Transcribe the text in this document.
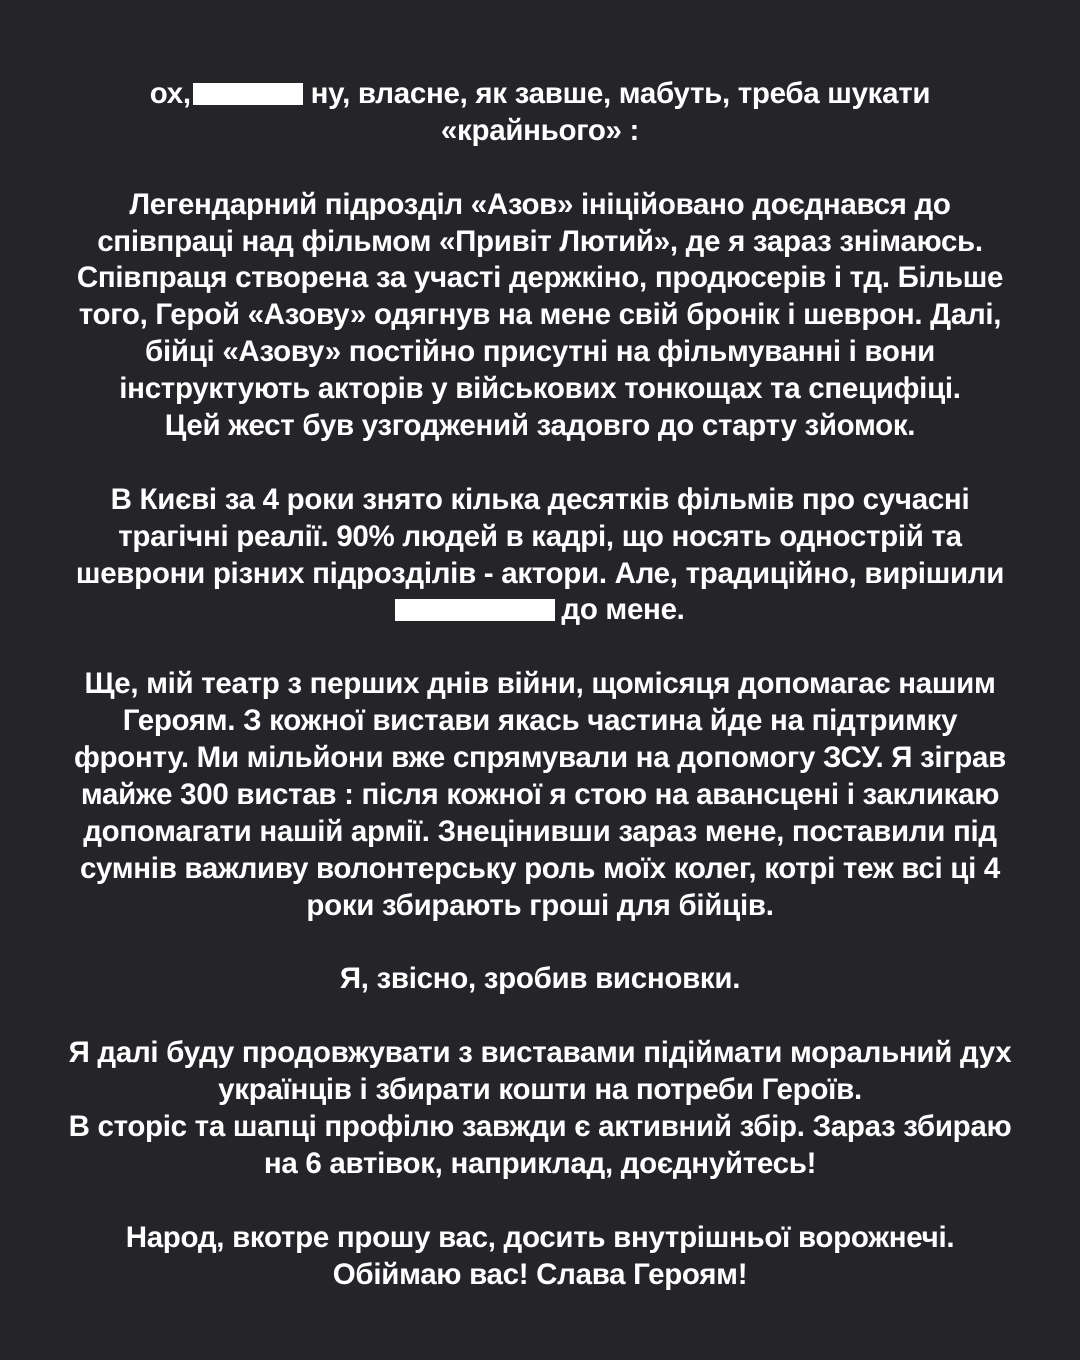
ох,	ну, власне, як завше, мабуть, треба шукати
«крайнього» :
Легендарний підрозділ «Азов» ініційовано доєднався до
співпраці над фільмом «Привіт Лютий», де я зараз знімаюсь.
Співпраця створена за участі держкіно, продюсерів і тд. Більше
того, Герой «Азову» одягнув на мене свій бронік і шеврон. Далі,
бійці «Азову» постійно присутні на фільмуванні і вони
інструктують акторів у військових тонкощах та специфіці.
Цей жест був узгоджений задовго до старту зйомок.
В Києві за 4 роки знято кілька десятків фільмів про сучасні
трагічні реалії. 90% людей в кадрі, що носять однострій та
шеврони різних підрозділів - актори. Але, традиційно, вирішили
до мене.
Ще, мій театр з перших днів війни, щомісяця допомагає нашим
Героям. З кожної вистави якась частина йде на підтримку
фронту. Ми мільйони вже спрямували на допомогу ЗСУ. Я зіграв
майже 300 вистав : після кожної я стою на авансцені і закликаю
допомагати нашій армії. Знецінивши зараз мене, поставили під
сумнів важливу волонтерську роль моїх колег, котрі теж всі ці 4
роки збирають гроші для бійців.
Я, звісно, зробив висновки.
Я далі буду продовжувати з виставами підіймати моральний дух
українців і збирати кошти на потреби Героїв.
В сторіс та шапці профілю завжди є активний збір. Зараз збираю
на 6 автівок, наприклад, доєднуйтесь!
Народ, вкотре прошу вас, досить внутрішньої ворожнечі.
Обіймаю вас! Слава Героям!
